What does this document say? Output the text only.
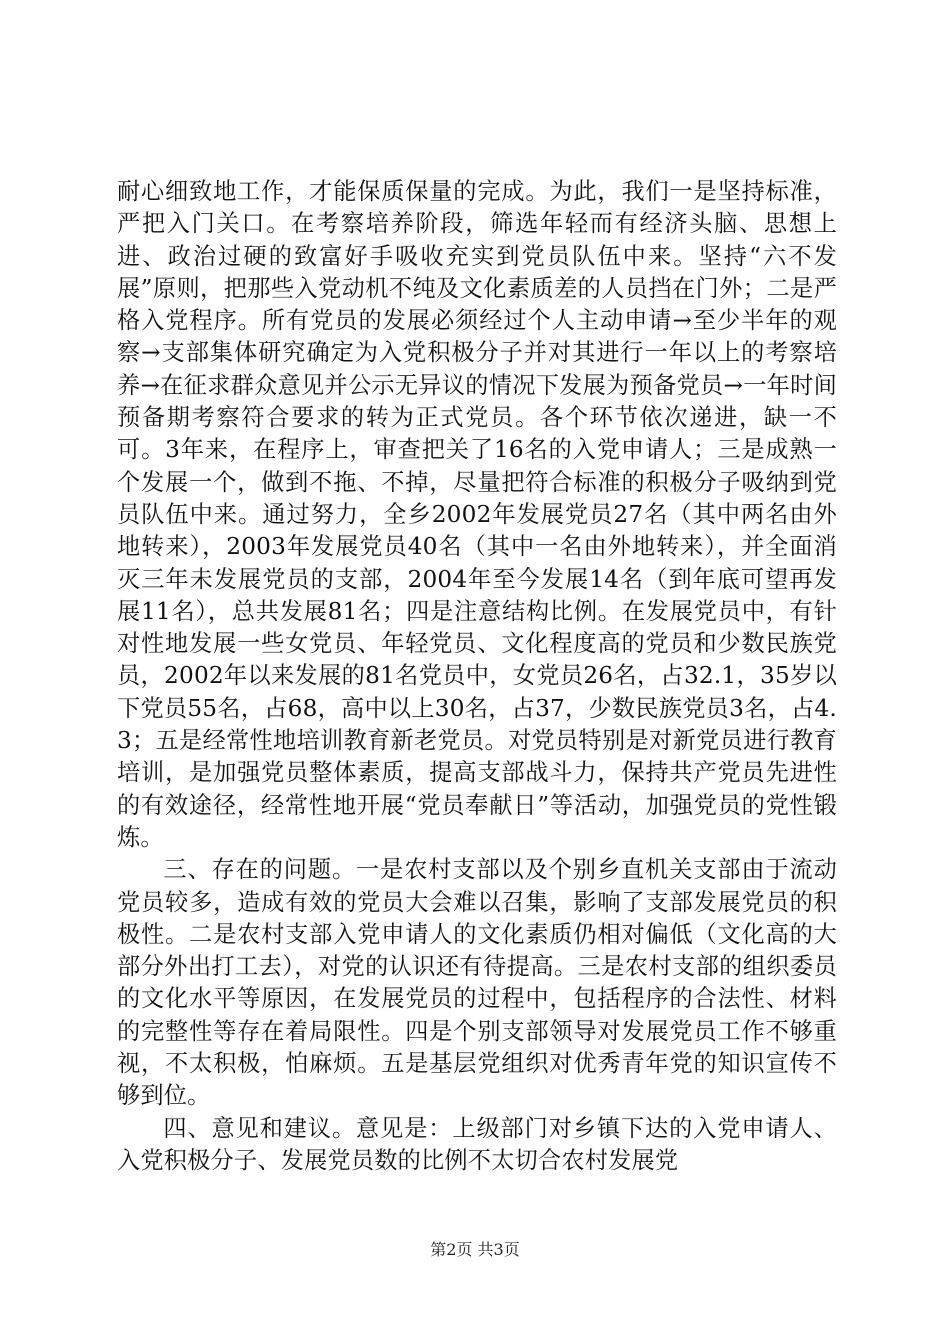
耐心细致地工作，才能保质保量的完成。为此，我们一是坚持标准，严把入门关口。在考察培养阶段，筛选年轻而有经济头脑、思想上进、政治过硬的致富好手吸收充实到党员队伍中来。坚持“六不发展”原则，把那些入党动机不纯及文化素质差的人员挡在门外；二是严格入党程序。所有党员的发展必须经过个人主动申请→至少半年的观察→支部集体研究确定为入党积极分子并对其进行一年以上的考察培养→在征求群众意见并公示无异议的情况下发展为预备党员→一年时间预备期考察符合要求的转为正式党员。各个环节依次递进，缺一不可。3年来，在程序上，审查把关了16名的入党申请人；三是成熟一个发展一个，做到不拖、不掉，尽量把符合标准的积极分子吸纳到党员队伍中来。通过努力，全乡2002年发展党员27名（其中两名由外地转来），2003年发展党员40名（其中一名由外地转来），并全面消灭三年未发展党员的支部，2004年至今发展14名（到年底可望再发展11名），总共发展81名；四是注意结构比例。在发展党员中，有针对性地发展一些女党员、年轻党员、文化程度高的党员和少数民族党员，2002年以来发展的81名党员中，女党员26名，占32.1，35岁以下党员55名，占68，高中以上30名，占37，少数民族党员3名，占4.3；五是经常性地培训教育新老党员。对党员特别是对新党员进行教育培训，是加强党员整体素质，提高支部战斗力，保持共产党员先进性的有效途径，经常性地开展“党员奉献日”等活动，加强党员的党性锻炼。

三、存在的问题。一是农村支部以及个别乡直机关支部由于流动党员较多，造成有效的党员大会难以召集，影响了支部发展党员的积极性。二是农村支部入党申请人的文化素质仍相对偏低（文化高的大部分外出打工去），对党的认识还有待提高。三是农村支部的组织委员的文化水平等原因，在发展党员的过程中，包括程序的合法性、材料的完整性等存在着局限性。四是个别支部领导对发展党员工作不够重视，不太积极，怕麻烦。五是基层党组织对优秀青年党的知识宣传不够到位。

四、意见和建议。意见是：上级部门对乡镇下达的入党申请人、入党积极分子、发展党员数的比例不太切合农村发展党

第2页 共3页
